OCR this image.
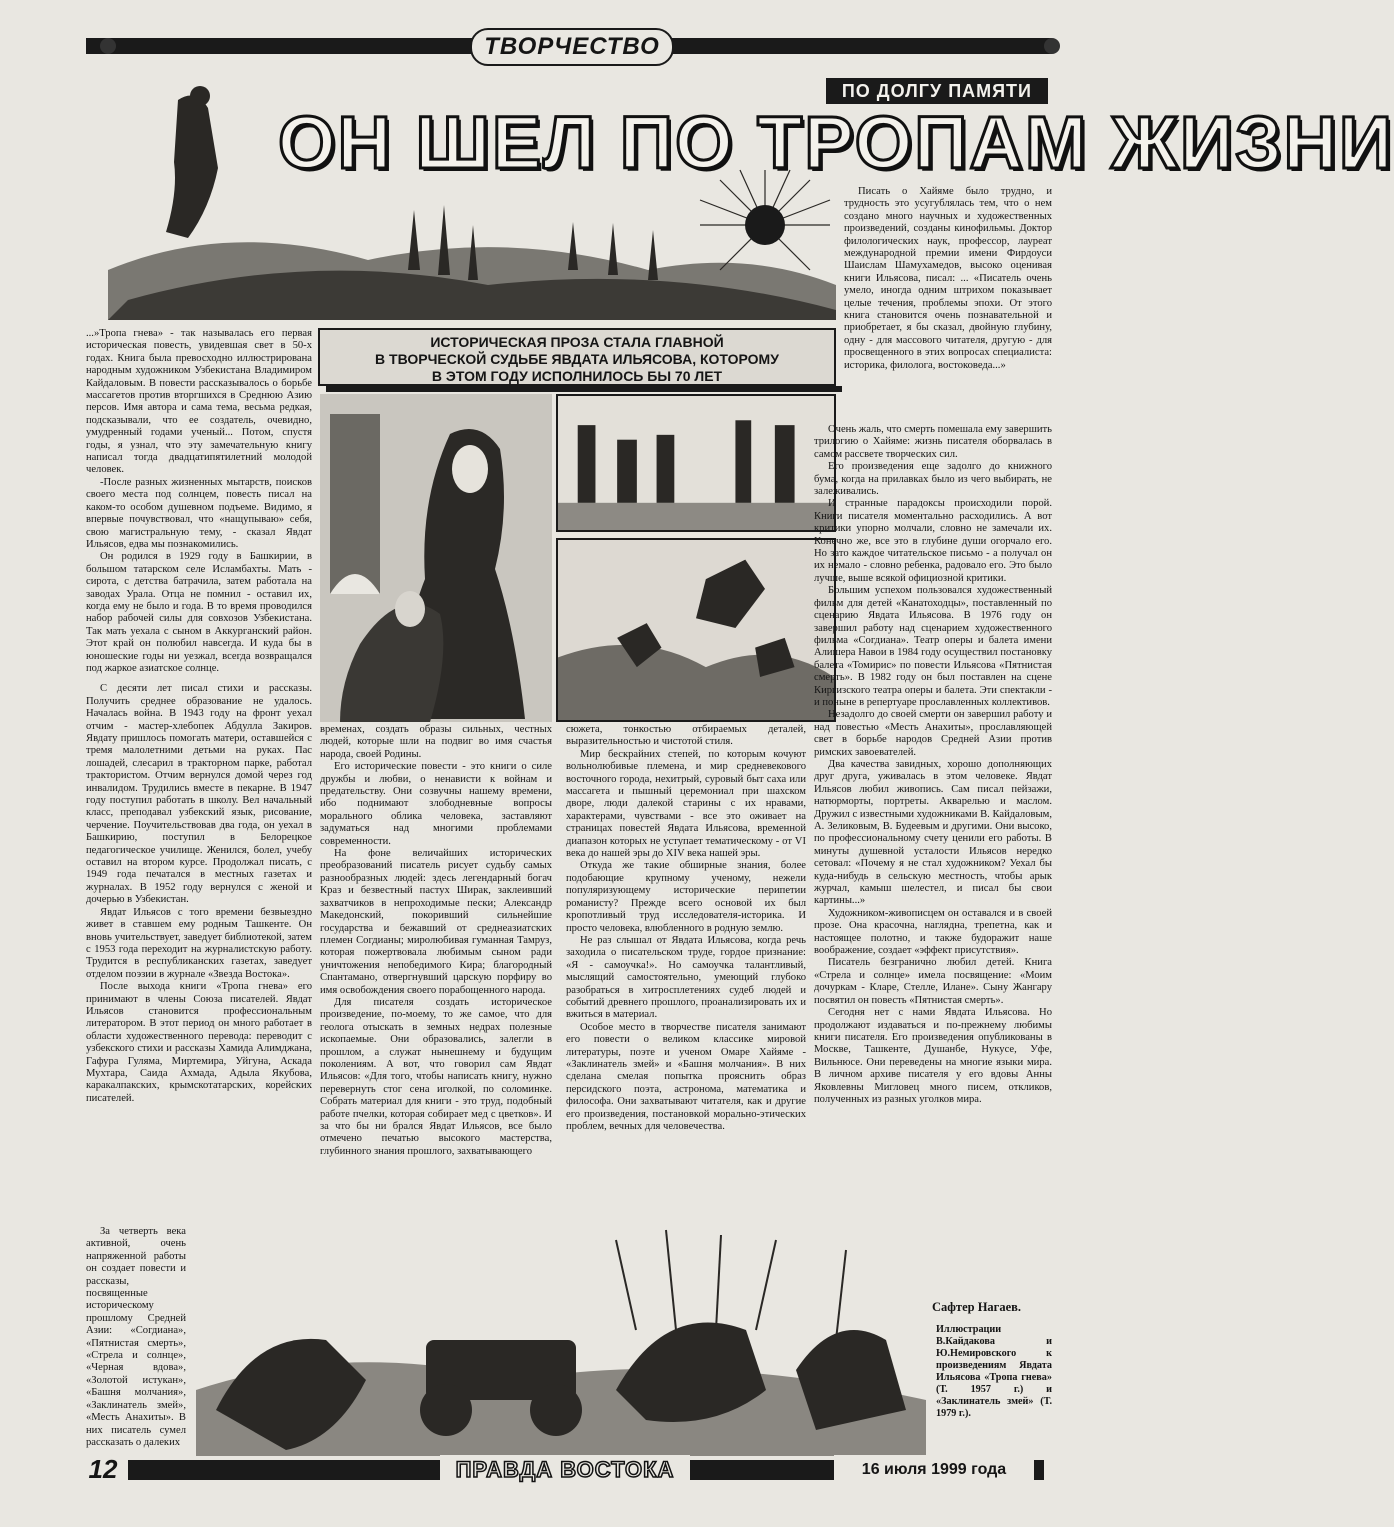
ТВОРЧЕСТВО
ПО ДОЛГУ ПАМЯТИ
ОН ШЕЛ ПО ТРОПАМ ЖИЗНИ
ИСТОРИЧЕСКАЯ ПРОЗА СТАЛА ГЛАВНОЙ
В ТВОРЧЕСКОЙ СУДЬБЕ ЯВДАТА ИЛЬЯСОВА, КОТОРОМУ
В ЭТОМ ГОДУ ИСПОЛНИЛОСЬ БЫ 70 ЛЕТ

...»Тропа гнева» - так называлась его первая историческая повесть, увидевшая свет в 50-х годах. Книга была превосходно иллюстрирована народным художником Узбекистана Владимиром Кайдаловым. В повести рассказывалось о борьбе массагетов против вторгшихся в Среднюю Азию персов. Имя автора и сама тема, весьма редкая, подсказывали, что ее создатель, очевидно, умудренный годами ученый... Потом, спустя годы, я узнал, что эту замечательную книгу написал тогда двадцатипятилетний молодой человек.

-После разных жизненных мытарств, поисков своего места под солнцем, повесть писал на каком-то особом душевном подъеме. Видимо, я впервые почувствовал, что «нащупываю» себя, свою магистральную тему, - сказал Явдат Ильясов, едва мы познакомились.

Он родился в 1929 году в Башкирии, в большом татарском селе Исламбахты. Мать - сирота, с детства батрачила, затем работала на заводах Урала. Отца не помнил - оставил их, когда ему не было и года. В то время проводился набор рабочей силы для совхозов Узбекистана. Так мать уехала с сыном в Аккурганский район. Этот край он полюбил навсегда. И куда бы в юношеские годы ни уезжал, всегда возвращался под жаркое азиатское солнце.

С десяти лет писал стихи и рассказы. Получить среднее образование не удалось. Началась война. В 1943 году на фронт уехал отчим - мастер-хлебопек Абдулла Закиров. Явдату пришлось помогать матери, оставшейся с тремя малолетними детьми на руках. Пас лошадей, слесарил в тракторном парке, работал трактористом. Отчим вернулся домой через год инвалидом. Трудились вместе в пекарне. В 1947 году поступил работать в школу. Вел начальный класс, преподавал узбекский язык, рисование, черчение. Поучительствовав два года, он уехал в Башкирию, поступил в Белорецкое педагогическое училище. Женился, болел, учебу оставил на втором курсе. Продолжал писать, с 1949 года печатался в местных газетах и журналах. В 1952 году вернулся с женой и дочерью в Узбекистан.

Явдат Ильясов с того времени безвыездно живет в ставшем ему родным Ташкенте. Он вновь учительствует, заведует библиотекой, затем с 1953 года переходит на журналистскую работу. Трудится в республиканских газетах, заведует отделом поэзии в журнале «Звезда Востока».

После выхода книги «Тропа гнева» его принимают в члены Союза писателей. Явдат Ильясов становится профессиональным литератором. В этот период он много работает в области художественного перевода: переводит с узбекского стихи и рассказы Хамида Алимджана, Гафура Гуляма, Миртемира, Уйгуна, Аскада Мухтара, Саида Ахмада, Адыла Якубова, каракалпакских, крымскотатарских, корейских писателей.

За четверть века активной, очень напряженной работы он создает повести и рассказы, посвященные историческому прошлому Средней Азии: «Согдиана», «Пятнистая смерть», «Стрела и солнце», «Черная вдова», «Золотой истукан», «Башня молчания», «Заклинатель змей», «Месть Анахиты». В них писатель сумел рассказать о далеких

временах, создать образы сильных, честных людей, которые шли на подвиг во имя счастья народа, своей Родины.

Его исторические повести - это книги о силе дружбы и любви, о ненависти к войнам и предательству. Они созвучны нашему времени, ибо поднимают злободневные вопросы морального облика человека, заставляют задуматься над многими проблемами современности.

На фоне величайших исторических преобразований писатель рисует судьбу самых разнообразных людей: здесь легендарный богач Краз и безвестный пастух Ширак, заклеивший захватчиков в непроходимые пески; Александр Македонский, покоривший сильнейшие государства и бежавший от среднеазиатских племен Согдианы; миролюбивая гуманная Тамруз, которая пожертвовала любимым сыном ради уничтожения непобедимого Кира; благородный Спантамано, отвергнувший царскую порфиру во имя освобождения своего порабощенного народа.

Для писателя создать историческое произведение, по-моему, то же самое, что для геолога отыскать в земных недрах полезные ископаемые. Они образовались, залегли в прошлом, а служат нынешнему и будущим поколениям. А вот, что говорил сам Явдат Ильясов: «Для того, чтобы написать книгу, нужно перевернуть стог сена иголкой, по соломинке. Собрать материал для книги - это труд, подобный работе пчелки, которая собирает мед с цветков». И за что бы ни брался Явдат Ильясов, все было отмечено печатью высокого мастерства, глубинного знания прошлого, захватывающего

сюжета, тонкостью отбираемых деталей, выразительностью и чистотой стиля.

Мир бескрайних степей, по которым кочуют вольнолюбивые племена, и мир средневекового восточного города, нехитрый, суровый быт саха или массагета и пышный церемониал при шахском дворе, люди далекой старины с их нравами, характерами, чувствами - все это оживает на страницах повестей Явдата Ильясова, временной диапазон которых не уступает тематическому - от VI века до нашей эры до XIV века нашей эры.

Откуда же такие обширные знания, более подобающие крупному ученому, нежели популяризующему исторические перипетии романисту? Прежде всего основой их был кропотливый труд исследователя-историка. И просто человека, влюбленного в родную землю.

Не раз слышал от Явдата Ильясова, когда речь заходила о писательском труде, гордое признание: «Я - самоучка!». Но самоучка талантливый, мыслящий самостоятельно, умеющий глубоко разобраться в хитросплетениях судеб людей и событий древнего прошлого, проанализировать их и вжиться в материал.

Особое место в творчестве писателя занимают его повести о великом классике мировой литературы, поэте и ученом Омаре Хайяме - «Заклинатель змей» и «Башня молчания». В них сделана смелая попытка прояснить образ персидского поэта, астронома, математика и философа. Они захватывают читателя, как и другие его произведения, постановкой морально-этических проблем, вечных для человечества.

Писать о Хайяме было трудно, и трудность это усугублялась тем, что о нем создано много научных и художественных произведений, созданы кинофильмы. Доктор филологических наук, профессор, лауреат международной премии имени Фирдоуси Шаислам Шамухамедов, высоко оценивая книги Ильясова, писал: ... «Писатель очень умело, иногда одним штрихом показывает целые течения, проблемы эпохи. От этого книга становится очень познавательной и приобретает, я бы сказал, двойную глубину, одну - для массового читателя, другую - для просвещенного в этих вопросах специалиста: историка, филолога, востоковеда...»

Очень жаль, что смерть помешала ему завершить трилогию о Хайяме: жизнь писателя оборвалась в самом рассвете творческих сил.

Его произведения еще задолго до книжного бума, когда на прилавках было из чего выбирать, не залеживались.

И странные парадоксы происходили порой. Книги писателя моментально расходились. А вот критики упорно молчали, словно не замечали их. Конечно же, все это в глубине души огорчало его. Но зато каждое читательское письмо - а получал он их немало - словно ребенка, радовало его. Это было лучше, выше всякой официозной критики.

Большим успехом пользовался художественный фильм для детей «Канатоходцы», поставленный по сценарию Явдата Ильясова. В 1976 году он завершил работу над сценарием художественного фильма «Согдиана». Театр оперы и балета имени Алишера Навои в 1984 году осуществил постановку балета «Томирис» по повести Ильясова «Пятнистая смерть». В 1982 году он был поставлен на сцене Киргизского театра оперы и балета. Эти спектакли - и поныне в репертуаре прославленных коллективов.

Незадолго до своей смерти он завершил работу и над повестью «Месть Анахиты», прославляющей свет в борьбе народов Средней Азии против римских завоевателей.

Два качества завидных, хорошо дополняющих друг друга, уживалась в этом человеке. Явдат Ильясов любил живопись. Сам писал пейзажи, натюрморты, портреты. Акварелью и маслом. Дружил с известными художниками В. Кайдаловым, А. Зеликовым, В. Будеевым и другими. Они высоко, по профессиональному счету ценили его работы. В минуты душевной усталости Ильясов нередко сетовал: «Почему я не стал художником? Уехал бы куда-нибудь в сельскую местность, чтобы арык журчал, камыш шелестел, и писал бы свои картины...»

Художником-живописцем он оставался и в своей прозе. Она красочна, наглядна, трепетна, как и настоящее полотно, и также будоражит наше воображение, создает «эффект присутствия».

Писатель безгранично любил детей. Книга «Стрела и солнце» имела посвящение: «Моим дочуркам - Кларе, Стелле, Илане». Сыну Жангару посвятил он повесть «Пятнистая смерть».

Сегодня нет с нами Явдата Ильясова. Но продолжают издаваться и по-прежнему любимы книги писателя. Его произведения опубликованы в Москве, Ташкенте, Душанбе, Нукусе, Уфе, Вильнюсе. Они переведены на многие языки мира. В личном архиве писателя у его вдовы Анны Яковлевны Мигловец много писем, откликов, полученных из разных уголков мира.

Сафтер Нагаев.
Иллюстрации В.Кайдакова и Ю.Немировского к произведениям Явдата Ильясова «Тропа гнева» (Т. 1957 г.) и «Заклинатель змей» (Т. 1979 г.).
12	ПРАВДА ВОСТОКА	16 июля 1999 года
